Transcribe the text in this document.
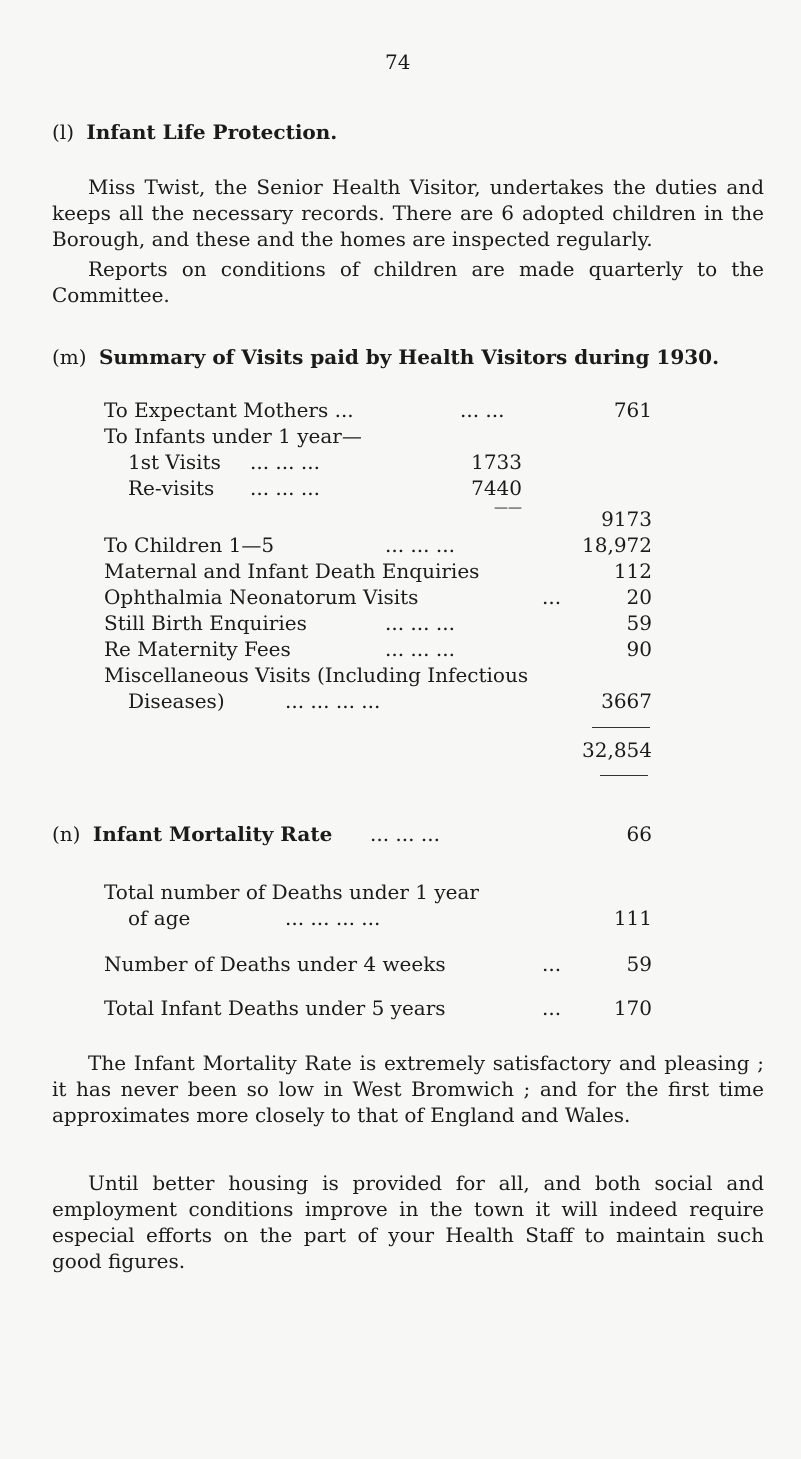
74
(l) Infant Life Protection.
Miss Twist, the Senior Health Visitor, undertakes the duties and keeps all the necessary records. There are 6 adopted children in the Borough, and these and the homes are inspected regularly.
Reports on conditions of children are made quarterly to the Committee.
(m) Summary of Visits paid by Health Visitors during 1930.
To Expectant Mothers ...	... ...	761
To Infants under 1 year—
1st Visits ... ... ...	1733
Re-visits ... ... ...	7440
——	9173
To Children 1—5	... ... ...	18,972
Maternal and Infant Death Enquiries	112
Ophthalmia Neonatorum Visits	...	20
Still Birth Enquiries	... ... ...	59
Re Maternity Fees	... ... ...	90
Miscellaneous Visits (Including Infectious
Diseases)	... ... ... ...	3667
32,854
(n) Infant Mortality Rate ... ... ...	66
Total number of Deaths under 1 year
of age	... ... ... ...	111
Number of Deaths under 4 weeks	...	59
Total Infant Deaths under 5 years	...	170
The Infant Mortality Rate is extremely satisfactory and pleasing ; it has never been so low in West Bromwich ; and for the first time approximates more closely to that of England and Wales.
Until better housing is provided for all, and both social and employment conditions improve in the town it will indeed require especial efforts on the part of your Health Staff to maintain such good figures.
